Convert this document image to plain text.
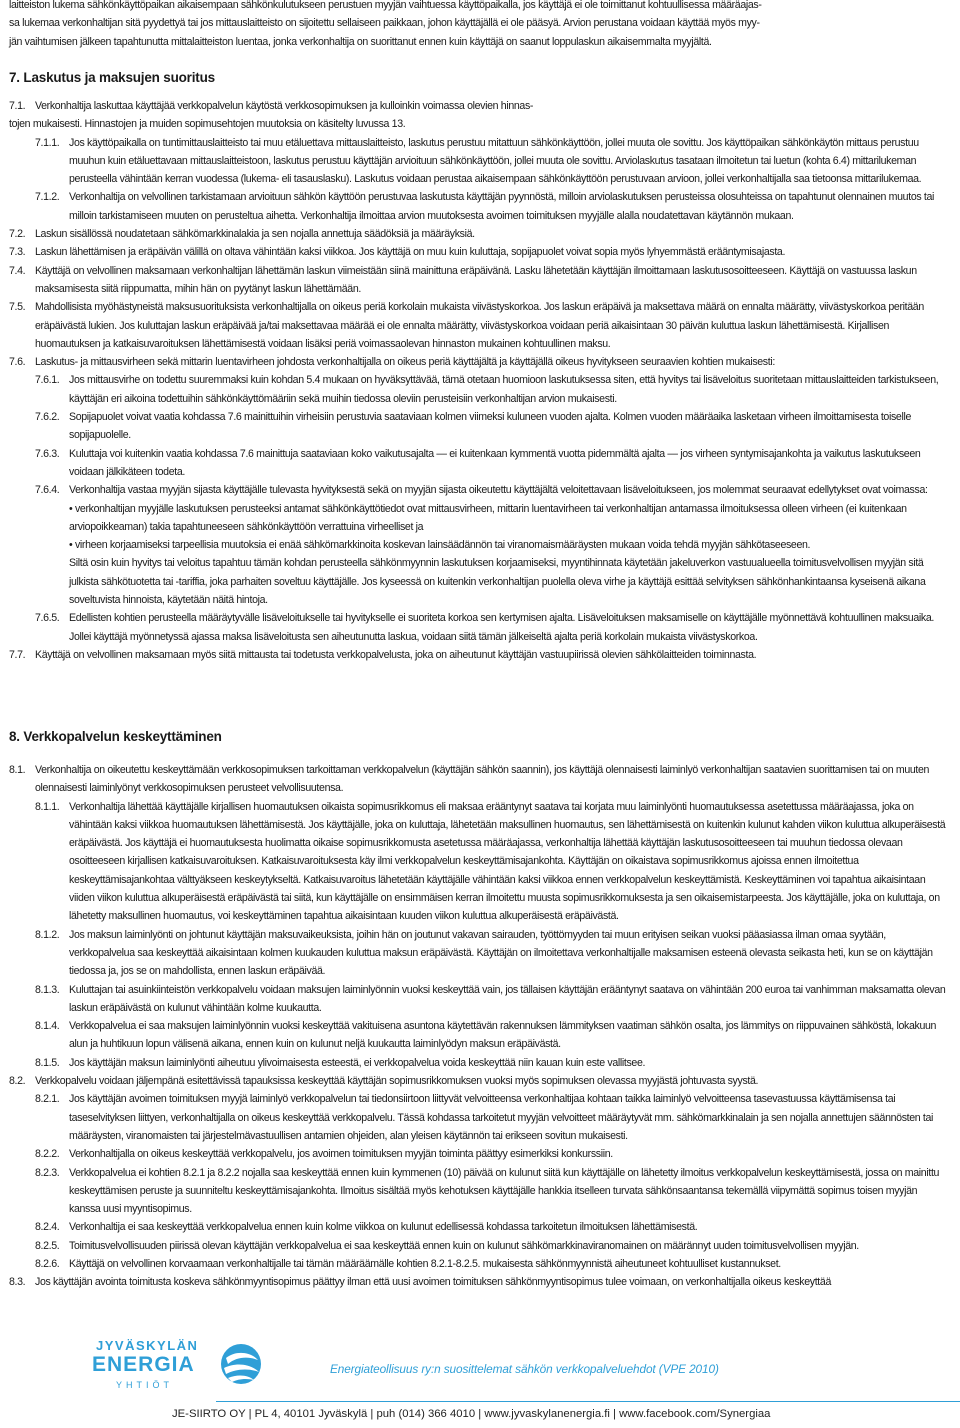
laitteiston lukema sähkönkäyttöpaikan aikaisempaan sähkönkulutukseen perustuen myyjän vaihtuessa käyttöpaikalla, jos käyttäjä ei ole toimittanut kohtuullisessa määräajas-
sa lukemaa verkonhaltijan sitä pyydettyä tai jos mittauslaitteisto on sijoitettu sellaiseen paikkaan, johon käyttäjällä ei ole pääsyä. Arvion perustana voidaan käyttää myös myy-
jän vaihtumisen jälkeen tapahtunutta mittalaitteiston luentaa, jonka verkonhaltija on suorittanut ennen kuin käyttäjä on saanut loppulaskun aikaisemmalta myyjältä.
7. Laskutus ja maksujen suoritus
7.1. Verkonhaltija laskuttaa käyttäjää verkkopalvelun käytöstä verkkosopimuksen ja kulloinkin voimassa olevien hinnas-
tojen mukaisesti. Hinnastojen ja muiden sopimusehtojen muutoksia on käsitelty luvussa 13.
7.1.1. Jos käyttöpaikalla on tuntimittauslaitteisto tai muu etäluettava mittauslaitteisto, laskutus perustuu mitattuun sähkönkäyttöön, jollei muuta ole sovittu. Jos käyttöpaikan sähkönkäytön mittaus perustuu muuhun kuin etäluettavaan mittauslaitteistoon, laskutus perustuu käyttäjän arvioituun sähkönkäyttöön, jollei muuta ole sovittu. Arviolaskutus tasataan ilmoitetun tai luetun (kohta 6.4) mittarilukeman perusteella vähintään kerran vuodessa (lukema- eli tasauslasku). Laskutus voidaan perustaa aikaisempaan sähkönkäyttöön perustuvaan arvioon, jollei verkonhaltijalla saa tietoonsa mittarilukemaa.
7.1.2. Verkonhaltija on velvollinen tarkistamaan arvioituun sähkön käyttöön perustuvaa laskutusta käyttäjän pyynnöstä, milloin arviolaskutuksen perusteissa olosuhteissa on tapahtunut olennainen muutos tai milloin tarkistamiseen muuten on perusteltua aihetta. Verkonhaltija ilmoittaa arvion muutoksesta avoimen toimituksen myyjälle alalla noudatettavan käytännön mukaan.
7.2. Laskun sisällössä noudatetaan sähkömarkkinalakia ja sen nojalla annettuja säädöksiä ja määräyksiä.
7.3. Laskun lähettämisen ja eräpäivän välillä on oltava vähintään kaksi viikkoa. Jos käyttäjä on muu kuin kuluttaja, sopijapuolet voivat sopia myös lyhyemmästä erääntymisajasta.
7.4. Käyttäjä on velvollinen maksamaan verkonhaltijan lähettämän laskun viimeistään siinä mainittuna eräpäivänä. Lasku lähetetään käyttäjän ilmoittamaan laskutusosoitteeseen. Käyttäjä on vastuussa laskun maksamisesta siitä riippumatta, mihin hän on pyytänyt laskun lähettämään.
7.5. Mahdollisista myöhästyneistä maksusuorituksista verkonhaltijalla on oikeus periä korkolain mukaista viivästyskorkoa. Jos laskun eräpäivä ja maksettava määrä on ennalta määrätty, viivästyskorkoa peritään eräpäivästä lukien. Jos kuluttajan laskun eräpäivää ja/tai maksettavaa määrää ei ole ennalta määrätty, viivästyskorkoa voidaan periä aikaisintaan 30 päivän kuluttua laskun lähettämisestä. Kirjallisen huomautuksen ja katkaisuvaroituksen lähettämisestä voidaan lisäksi periä voimassaolevan hinnaston mukainen kohtuullinen maksu.
7.6. Laskutus- ja mittausvirheen sekä mittarin luentavirheen johdosta verkonhaltijalla on oikeus periä käyttäjältä ja käyttäjällä oikeus hyvitykseen seuraavien kohtien mukaisesti:
7.6.1. Jos mittausvirhe on todettu suuremmaksi kuin kohdan 5.4 mukaan on hyväksyttävää, tämä otetaan huomioon laskutuksessa siten, että hyvitys tai lisäveloitus suoritetaan mittauslaitteiden tarkistukseen, käyttäjän eri aikoina todettuihin sähkönkäyttömääriin sekä muihin tiedossa oleviin perusteisiin verkonhaltijan arvion mukaisesti.
7.6.2. Sopijapuolet voivat vaatia kohdassa 7.6 mainittuihin virheisiin perustuvia saataviaan kolmen viimeksi kuluneen vuoden ajalta. Kolmen vuoden määräaika lasketaan virheen ilmoittamisesta toiselle sopijapuolelle.
7.6.3. Kuluttaja voi kuitenkin vaatia kohdassa 7.6 mainittuja saataviaan koko vaikutusajalta — ei kuitenkaan kymmentä vuotta pidemmältä ajalta — jos virheen syntymisajankohta ja vaikutus laskutukseen voidaan jälkikäteen todeta.
7.6.4. Verkonhaltija vastaa myyjän sijasta käyttäjälle tulevasta hyvityksestä sekä on myyjän sijasta oikeutettu käyttäjältä veloitettavaan lisäveloitukseen, jos molemmat seuraavat edellytykset ovat voimassa:
• verkonhaltijan myyjälle laskutuksen perusteeksi antamat sähkönkäyttötiedot ovat mittausvirheen, mittarin luentavirheen tai verkonhaltijan antamassa ilmoituksessa olleen virheen (ei kuitenkaan arviopoikkeaman) takia tapahtuneeseen sähkönkäyttöön verrattuina virheelliset ja
• virheen korjaamiseksi tarpeellisia muutoksia ei enää sähkömarkkinoita koskevan lainsäädännön tai viranomaismääräysten mukaan voida tehdä myyjän sähkötaseeseen.
Siltä osin kuin hyvitys tai veloitus tapahtuu tämän kohdan perusteella sähkönmyynnin laskutuksen korjaamiseksi, myyntihinnata käytetään jakeluverkon vastuualueella toimitusvelvollisen myyjän sitä julkista sähkötuotetta tai -tariffia, joka parhaiten soveltuu käyttäjälle. Jos kyseessä on kuitenkin verkonhaltijan puolella oleva virhe ja käyttäjä esittää selvityksen sähkönhankintaansa kyseisenä aikana soveltuvista hinnoista, käytetään näitä hintoja.
7.6.5. Edellisten kohtien perusteella määräytyvälle lisäveloitukselle tai hyvitykselle ei suoriteta korkoa sen kertymisen ajalta. Lisäveloituksen maksamiselle on käyttäjälle myönnettävä kohtuullinen maksuaika. Jollei käyttäjä myönnetyssä ajassa maksa lisäveloitusta sen aiheutunutta laskua, voidaan siitä tämän jälkeiseltä ajalta periä korkolain mukaista viivästyskorkoa.
7.7. Käyttäjä on velvollinen maksamaan myös siitä mittausta tai todetusta verkkopalvelusta, joka on aiheutunut käyttäjän vastuupiirissä olevien sähkölaitteiden toiminnasta.
8. Verkkopalvelun keskeyttäminen
8.1. Verkonhaltija on oikeutettu keskeyttämään verkkosopimuksen tarkoittaman verkkopalvelun (käyttäjän sähkön saannin), jos käyttäjä olennaisesti laiminlyö verkonhaltijan saatavien suorittamisen tai on muuten olennaisesti laiminlyönyt verkkosopimuksen perusteet velvollisuutensa.
8.1.1. Verkonhaltija lähettää käyttäjälle kirjallisen huomautuksen oikaista sopimusrikkomus eli maksaa erääntynyt saatava tai korjata muu laiminlyönti huomautuksessa asetettussa määräajassa, joka on vähintään kaksi viikkoa huomautuksen lähettämisestä. Jos käyttäjälle, joka on kuluttaja, lähetetään maksullinen huomautus, sen lähettämisestä on kuitenkin kulunut kahden viikon kuluttua alkuperäisestä eräpäivästä. Jos käyttäjä ei huomautuksesta huolimatta oikaise sopimusrikkomusta asetetussa määräajassa, verkonhaltija lähettää käyttäjän laskutusosoitteeseen tai muuhun tiedossa olevaan osoitteeseen kirjallisen katkaisuvaroituksen. Katkaisuvaroituksesta käy ilmi verkkopalvelun keskeyttämisajankohta. Käyttäjän on oikaistava sopimusrikkomus ajoissa ennen ilmoitettua keskeyttämisajankohtaa välttyäkseen keskeytykseltä. Katkaisuvaroitus lähetetään käyttäjälle vähintään kaksi viikkoa ennen verkkopalvelun keskeyttämistä. Keskeyttäminen voi tapahtua aikaisintaan viiden viikon kuluttua alkuperäisestä eräpäivästä tai siitä, kun käyttäjälle on ensimmäisen kerran ilmoitettu muusta sopimusrikkomuksesta ja sen oikaisemistarpeesta. Jos käyttäjälle, joka on kuluttaja, on lähetetty maksullinen huomautus, voi keskeyttäminen tapahtua aikaisintaan kuuden viikon kuluttua alkuperäisestä eräpäivästä.
8.1.2. Jos maksun laiminlyönti on johtunut käyttäjän maksuvaikeuksista, joihin hän on joutunut vakavan sairauden, työttömyyden tai muun erityisen seikan vuoksi pääasiassa ilman omaa syytään, verkkopalvelua saa keskeyttää aikaisintaan kolmen kuukauden kuluttua maksun eräpäivästä. Käyttäjän on ilmoitettava verkonhaltijalle maksamisen esteenä olevasta seikasta heti, kun se on käyttäjän tiedossa ja, jos se on mahdollista, ennen laskun eräpäivää.
8.1.3. Kuluttajan tai asuinkiinteistön verkkopalvelu voidaan maksujen laiminlyönnin vuoksi keskeyttää vain, jos tällaisen käyttäjän erääntynyt saatava on vähintään 200 euroa tai vanhimman maksamatta olevan laskun eräpäivästä on kulunut vähintään kolme kuukautta.
8.1.4. Verkkopalvelua ei saa maksujen laiminlyönnin vuoksi keskeyttää vakituisena asuntona käytettävän rakennuksen lämmityksen vaatiman sähkön osalta, jos lämmitys on riippuvainen sähköstä, lokakuun alun ja huhtikuun lopun välisenä aikana, ennen kuin on kulunut neljä kuukautta laiminlyödyn maksun eräpäivästä.
8.1.5. Jos käyttäjän maksun laiminlyönti aiheutuu ylivoimaisesta esteestä, ei verkkopalvelua voida keskeyttää niin kauan kuin este vallitsee.
8.2. Verkkopalvelu voidaan jäljempänä esitettävissä tapauksissa keskeyttää käyttäjän sopimusrikkomuksen vuoksi myös sopimuksen olevassa myyjästä johtuvasta syystä.
8.2.1. Jos käyttäjän avoimen toimituksen myyjä laiminlyö verkkopalvelun tai tiedonsiirtoon liittyvät velvoitteensa verkonhaltijaa kohtaan taikka laiminlyö velvoitteensa tasevastuussa käyttämisensa tai taseselvityksen liittyen, verkonhaltijalla on oikeus keskeyttää verkkopalvelu. Tässä kohdassa tarkoitetut myyjän velvoitteet määräytyvät mm. sähkömarkkinalain ja sen nojalla annettujen säännösten tai määräysten, viranomaisten tai järjestelmävastuullisen antamien ohjeiden, alan yleisen käytännön tai erikseen sovitun mukaisesti.
8.2.2. Verkonhaltijalla on oikeus keskeyttää verkkopalvelu, jos avoimen toimituksen myyjän toiminta päättyy esimerkiksi konkurssiin.
8.2.3. Verkkopalvelua ei kohtien 8.2.1 ja 8.2.2 nojalla saa keskeyttää ennen kuin kymmenen (10) päivää on kulunut siitä kun käyttäjälle on lähetetty ilmoitus verkkopalvelun keskeyttämisestä, jossa on mainittu keskeyttämisen peruste ja suunniteltu keskeyttämisajankohta. Ilmoitus sisältää myös kehotuksen käyttäjälle hankkia itselleen turvata sähkönsaantansa tekemällä viipymättä sopimus toisen myyjän kanssa uusi myyntisopimus.
8.2.4. Verkonhaltija ei saa keskeyttää verkkopalvelua ennen kuin kolme viikkoa on kulunut edellisessä kohdassa tarkoitetun ilmoituksen lähettämisestä.
8.2.5. Toimitusvelvollisuuden piirissä olevan käyttäjän verkkopalvelua ei saa keskeyttää ennen kuin on kulunut sähkömarkkinaviranomainen on määrännyt uuden toimitusvelvollisen myyjän.
8.2.6. Käyttäjä on velvollinen korvaamaan verkonhaltijalle tai tämän määräämälle kohtien 8.2.1-8.2.5. mukaisesta sähkönmyynnistä aiheutuneet kohtuulliset kustannukset.
8.3. Jos käyttäjän avointa toimitusta koskeva sähkönmyyntisopimus päättyy ilman että uusi avoimen toimituksen sähkönmyyntisopimus tulee voimaan, on verkonhaltijalla oikeus keskeyttää
JYVÄSKYLÄN
ENERGIA
YHTIÖT
Energiateollisuus ry:n suosittelemat sähkön verkkopalveluehdot (VPE 2010)
JE-SIIRTO OY | PL 4, 40101 Jyväskylä | puh (014) 366 4010 | www.jyvaskylanenergia.fi | www.facebook.com/Synergiaa
